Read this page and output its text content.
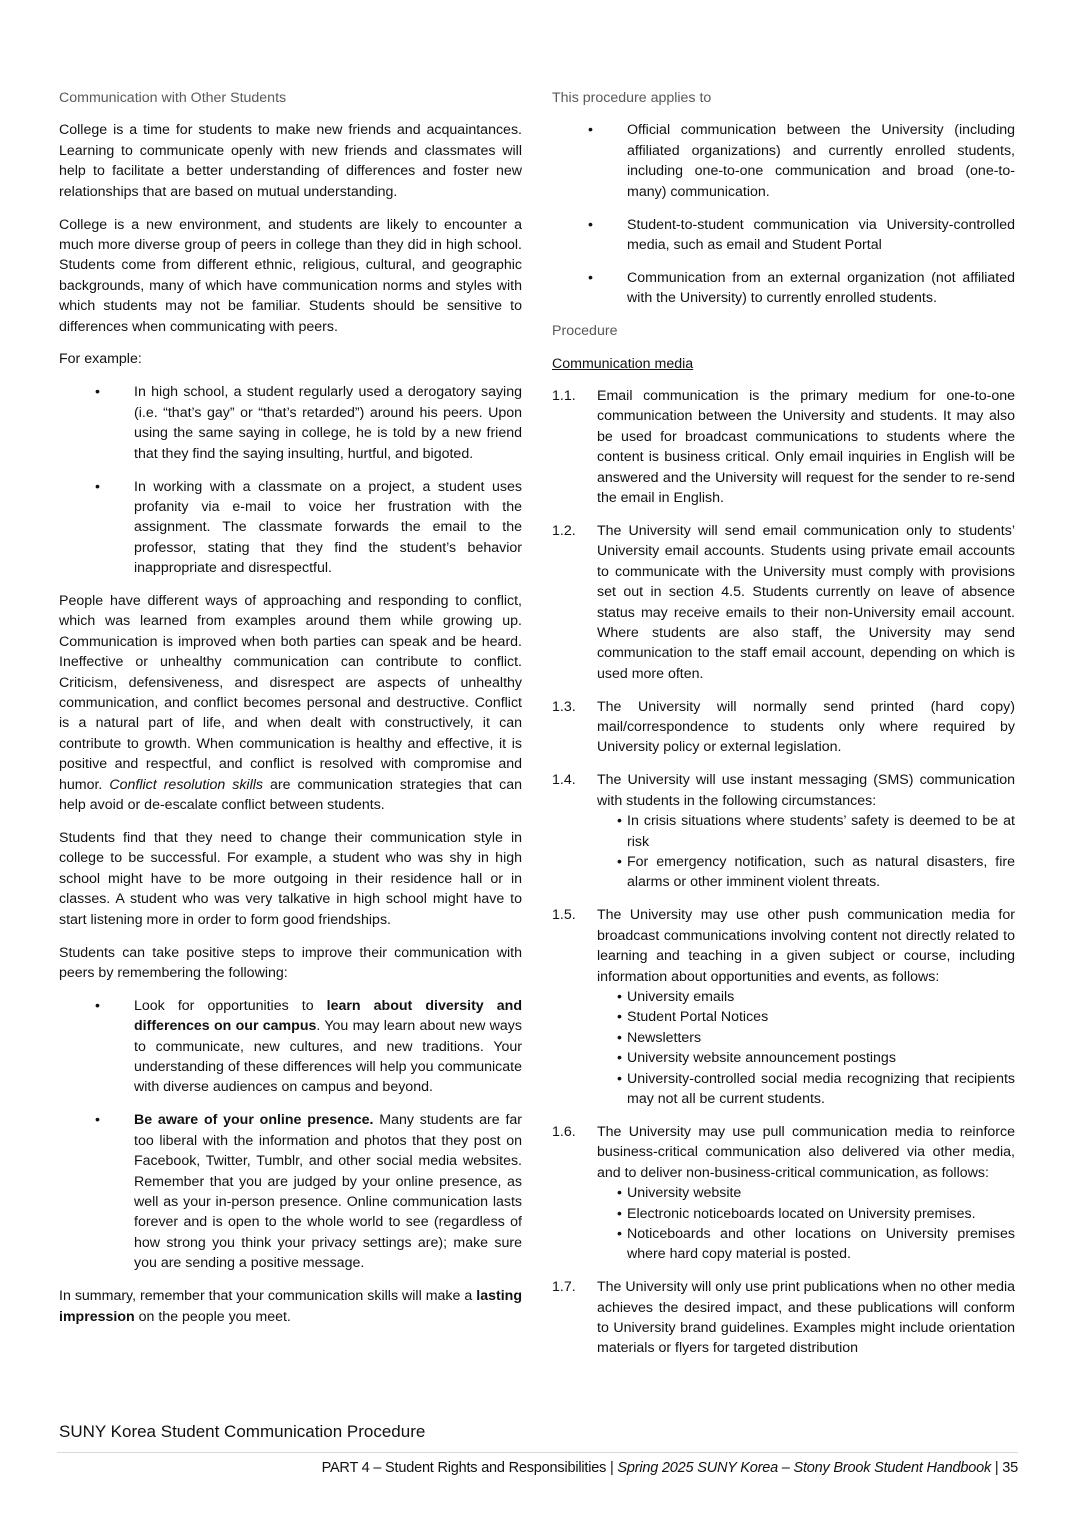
Communication with Other Students

College is a time for students to make new friends and acquaintances. Learning to communicate openly with new friends and classmates will help to facilitate a better understanding of differences and foster new relationships that are based on mutual understanding.

College is a new environment, and students are likely to encounter a much more diverse group of peers in college than they did in high school. Students come from different ethnic, religious, cultural, and geographic backgrounds, many of which have communication norms and styles with which students may not be familiar. Students should be sensitive to differences when communicating with peers.

For example:

• In high school, a student regularly used a derogatory saying (i.e. “that’s gay” or “that’s retarded”) around his peers. Upon using the same saying in college, he is told by a new friend that they find the saying insulting, hurtful, and bigoted.
• In working with a classmate on a project, a student uses profanity via e-mail to voice her frustration with the assignment. The classmate forwards the email to the professor, stating that they find the student’s behavior inappropriate and disrespectful.

People have different ways of approaching and responding to conflict, which was learned from examples around them while growing up. Communication is improved when both parties can speak and be heard. Ineffective or unhealthy communication can contribute to conflict. Criticism, defensiveness, and disrespect are aspects of unhealthy communication, and conflict becomes personal and destructive. Conflict is a natural part of life, and when dealt with constructively, it can contribute to growth. When communication is healthy and effective, it is positive and respectful, and conflict is resolved with compromise and humor. Conflict resolution skills are communication strategies that can help avoid or de-escalate conflict between students.

Students find that they need to change their communication style in college to be successful. For example, a student who was shy in high school might have to be more outgoing in their residence hall or in classes. A student who was very talkative in high school might have to start listening more in order to form good friendships.

Students can take positive steps to improve their communication with peers by remembering the following:

• Look for opportunities to learn about diversity and differences on our campus. You may learn about new ways to communicate, new cultures, and new traditions. Your understanding of these differences will help you communicate with diverse audiences on campus and beyond.
• Be aware of your online presence. Many students are far too liberal with the information and photos that they post on Facebook, Twitter, Tumblr, and other social media websites. Remember that you are judged by your online presence, as well as your in-person presence. Online communication lasts forever and is open to the whole world to see (regardless of how strong you think your privacy settings are); make sure you are sending a positive message.

In summary, remember that your communication skills will make a lasting impression on the people you meet.

SUNY Korea Student Communication Procedure

This procedure applies to

• Official communication between the University (including affiliated organizations) and currently enrolled students, including one-to-one communication and broad (one-to-many) communication.
• Student-to-student communication via University-controlled media, such as email and Student Portal
• Communication from an external organization (not affiliated with the University) to currently enrolled students.

Procedure

Communication media

1.1. Email communication is the primary medium for one-to-one communication between the University and students. It may also be used for broadcast communications to students where the content is business critical. Only email inquiries in English will be answered and the University will request for the sender to re-send the email in English.
1.2. The University will send email communication only to students’ University email accounts. Students using private email accounts to communicate with the University must comply with provisions set out in section 4.5. Students currently on leave of absence status may receive emails to their non-University email account. Where students are also staff, the University may send communication to the staff email account, depending on which is used more often.
1.3. The University will normally send printed (hard copy) mail/correspondence to students only where required by University policy or external legislation.
1.4. The University will use instant messaging (SMS) communication with students in the following circumstances:
• In crisis situations where students’ safety is deemed to be at risk
• For emergency notification, such as natural disasters, fire alarms or other imminent violent threats.
1.5. The University may use other push communication media for broadcast communications involving content not directly related to learning and teaching in a given subject or course, including information about opportunities and events, as follows:
• University emails
• Student Portal Notices
• Newsletters
• University website announcement postings
• University-controlled social media recognizing that recipients may not all be current students.
1.6. The University may use pull communication media to reinforce business-critical communication also delivered via other media, and to deliver non-business-critical communication, as follows:
• University website
• Electronic noticeboards located on University premises.
• Noticeboards and other locations on University premises where hard copy material is posted.
1.7. The University will only use print publications when no other media achieves the desired impact, and these publications will conform to University brand guidelines. Examples might include orientation materials or flyers for targeted distribution
PART 4 – Student Rights and Responsibilities | Spring 2025 SUNY Korea – Stony Brook Student Handbook | 35
